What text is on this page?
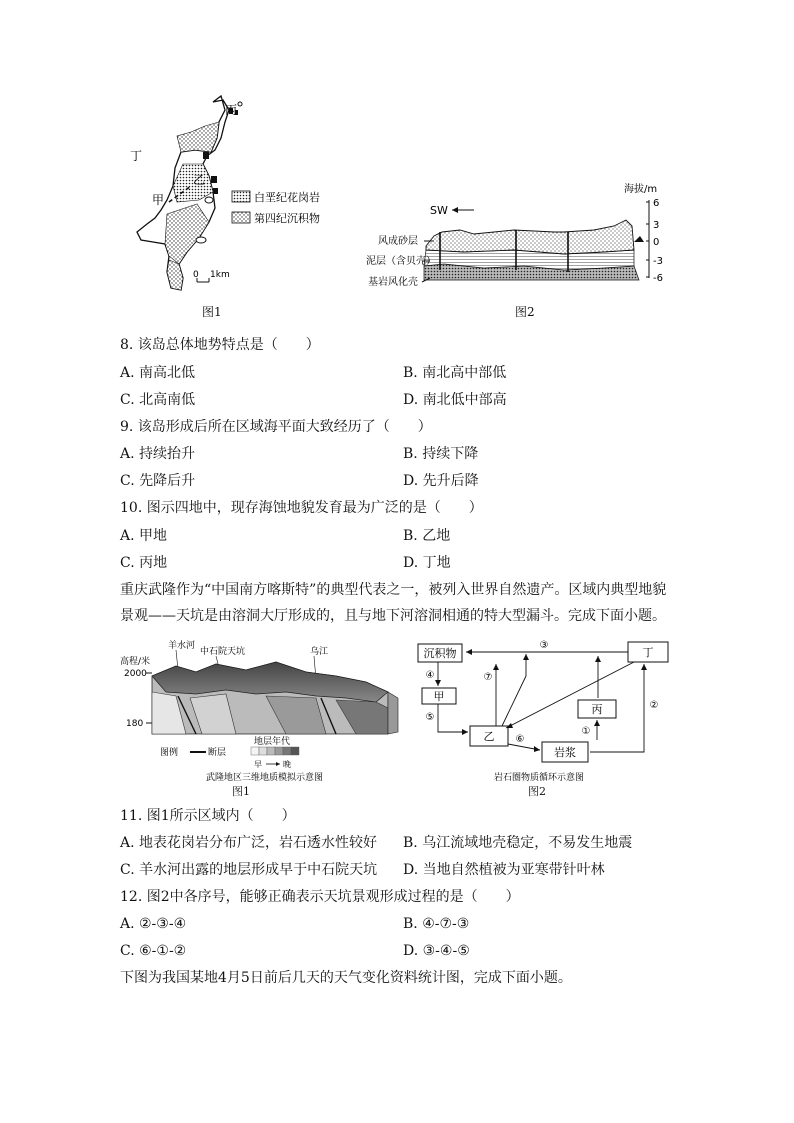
丙
丁
甲
乙
白垩纪花岗岩
第四纪沉积物
0 1km
图1
海拔/m
6
3
0
-3
-6
SW
风成砂层
泥层（含贝壳）
基岩风化壳
图2
8. 该岛总体地势特点是（　　）
A. 南高北低	B. 南北高中部低
C. 北高南低	D. 南北低中部高
9. 该岛形成后所在区域海平面大致经历了（　　）
A. 持续抬升	B. 持续下降
C. 先降后升	D. 先升后降
10. 图示四地中，现存海蚀地貌发育最为广泛的是（　　）
A. 甲地	B. 乙地
C. 丙地	D. 丁地
重庆武隆作为“中国南方喀斯特”的典型代表之一，被列入世界自然遗产。区域内典型地貌景观——天坑是由溶洞大厅形成的，且与地下河溶洞相通的特大型漏斗。完成下面小题。
羊水河
中石院天坑	乌江
高程/米
2000
180
图例	断层
地层年代
早	晚
武隆地区三维地质模拟示意图
图1
沉积物
甲
乙
丙
丁
岩浆
③
④	⑦
⑤
⑥
①
②
岩石圈物质循环示意图
图2
11. 图1所示区域内（　　）
A. 地表花岗岩分布广泛，岩石透水性较好 B. 乌江流域地壳稳定，不易发生地震
C. 羊水河出露的地层形成早于中石院天坑 D. 当地自然植被为亚寒带针叶林
12. 图2中各序号，能够正确表示天坑景观形成过程的是（　　）
A. ②-③-④	B. ④-⑦-③
C. ⑥-①-②	D. ③-④-⑤
下图为我国某地4月5日前后几天的天气变化资料统计图，完成下面小题。
